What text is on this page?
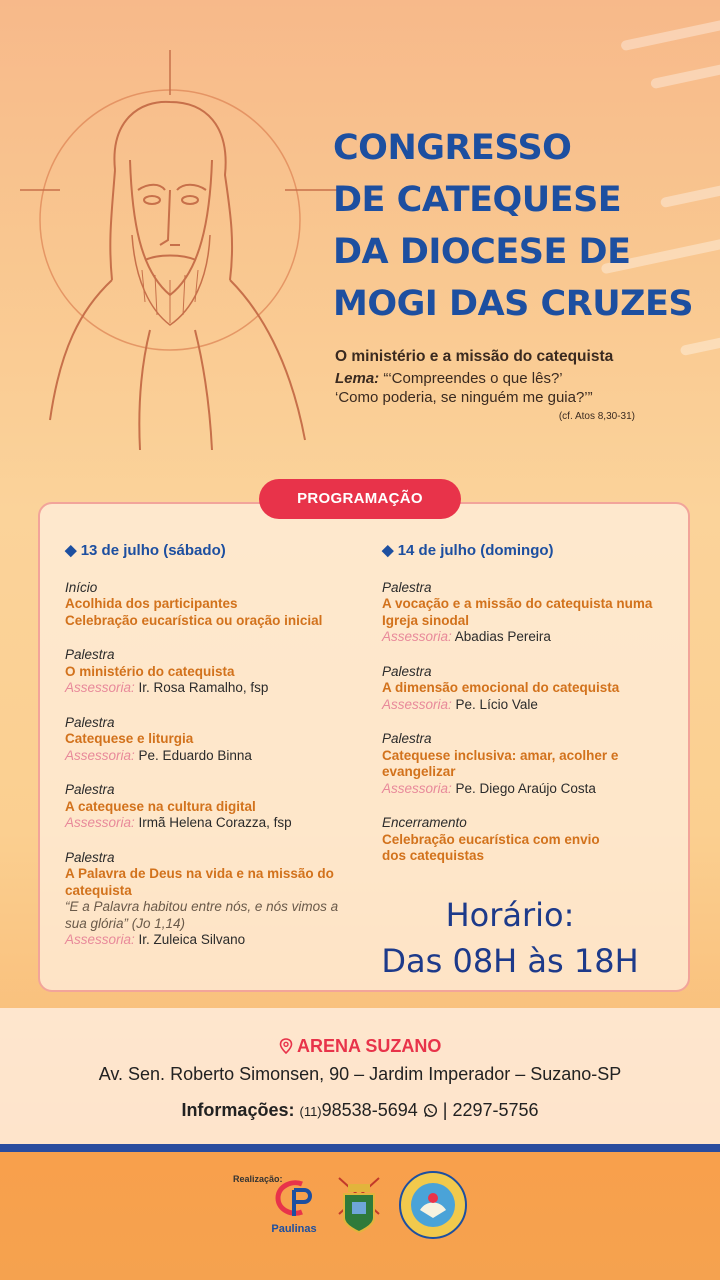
CONGRESSO
DE CATEQUESE
DA DIOCESE DE
MOGI DAS CRUZES
O ministério e a missão do catequista
Lema: “‘Compreendes o que lês?’
‘Como poderia, se ninguém me guia?’”
(cf. Atos 8,30-31)
PROGRAMAÇÃO
◆ 13 de julho (sábado)
Início
Acolhida dos participantes
Celebração eucarística ou oração inicial
Palestra
O ministério do catequista
Assessoria: Ir. Rosa Ramalho, fsp
Palestra
Catequese e liturgia
Assessoria: Pe. Eduardo Binna
Palestra
A catequese na cultura digital
Assessoria: Irmã Helena Corazza, fsp
Palestra
A Palavra de Deus na vida e na missão do catequista
“E a Palavra habitou entre nós, e nós vimos a sua glória” (Jo 1,14)
Assessoria: Ir. Zuleica Silvano
◆ 14 de julho (domingo)
Palestra
A vocação e a missão do catequista numa Igreja sinodal
Assessoria: Abadias Pereira
Palestra
A dimensão emocional do catequista
Assessoria: Pe. Lício Vale
Palestra
Catequese inclusiva: amar, acolher e evangelizar
Assessoria: Pe. Diego Araújo Costa
Encerramento
Celebração eucarística com envio dos catequistas
Horário:
Das 08H às 18H
ARENA SUZANO
Av. Sen. Roberto Simonsen, 90 – Jardim Imperador – Suzano-SP
Informações: (11)98538-5694 | 2297-5756
Realização:
Paulinas
